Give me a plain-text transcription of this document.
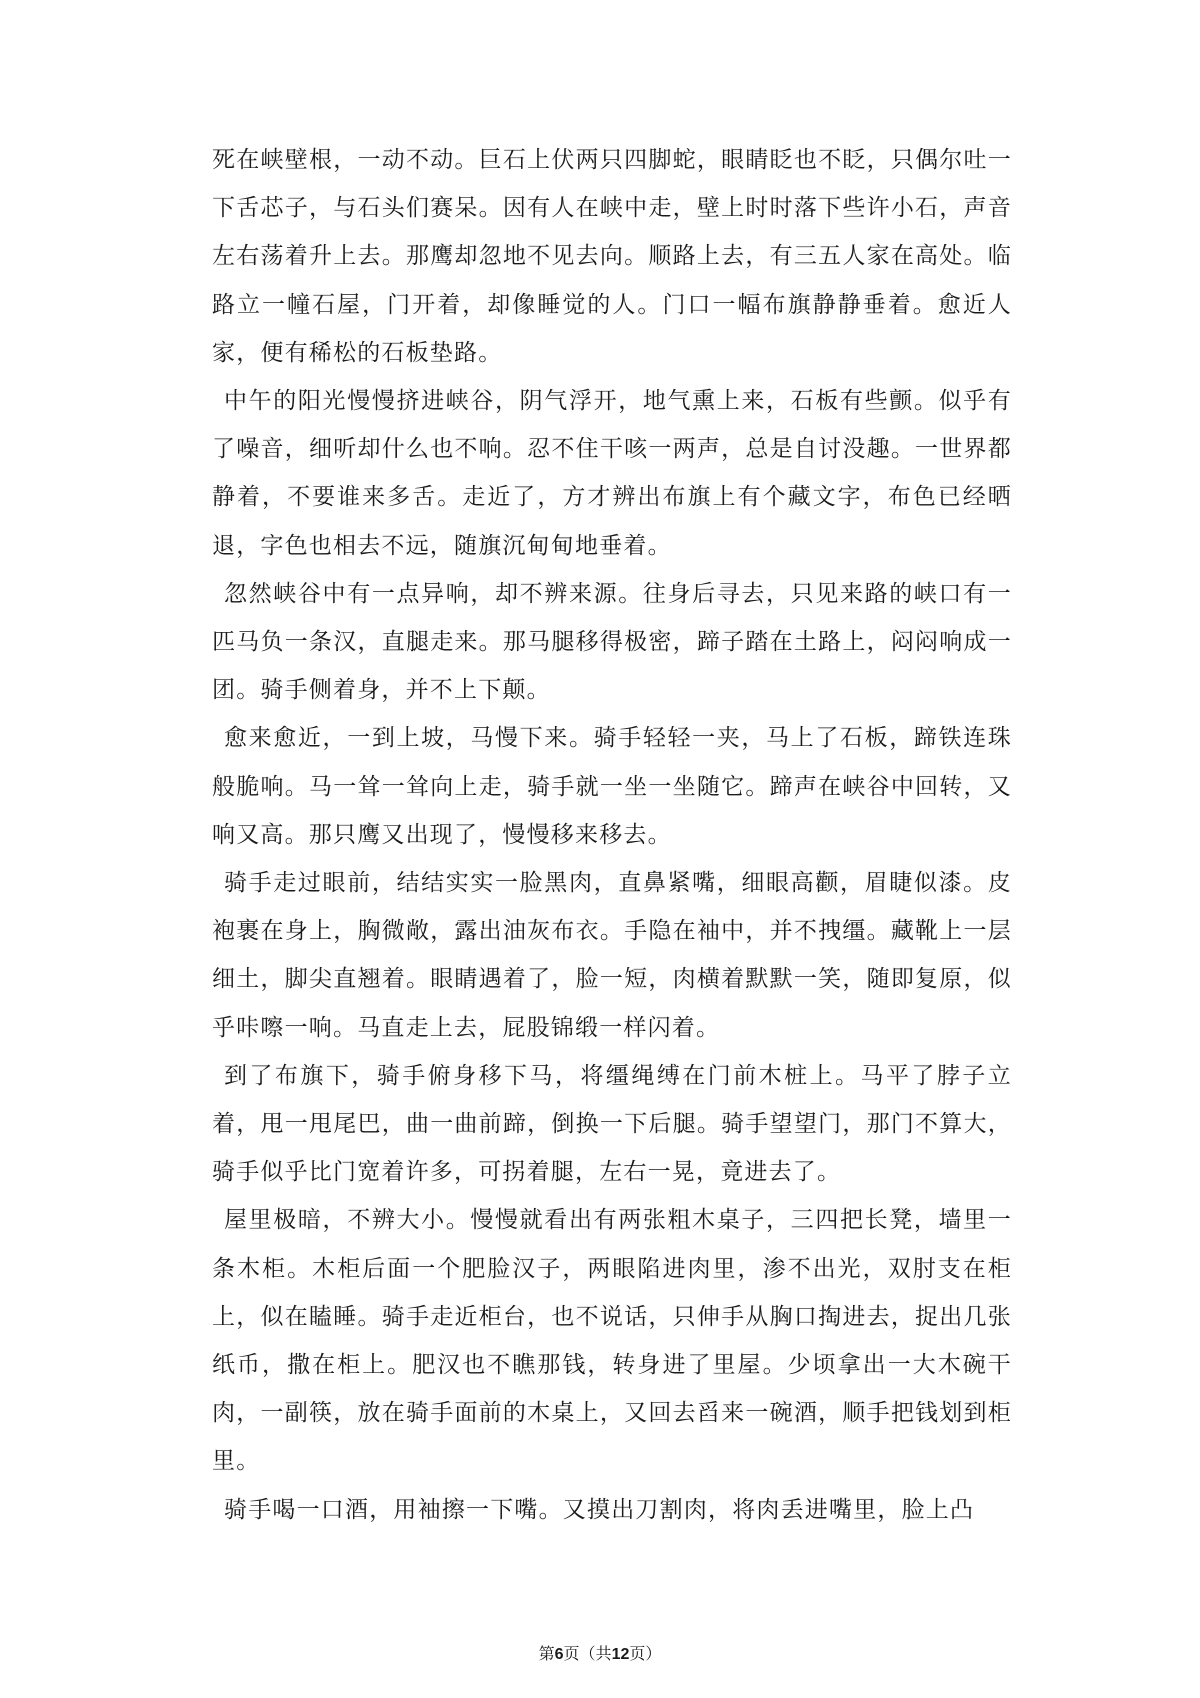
死在峡壁根，一动不动。巨石上伏两只四脚蛇，眼睛眨也不眨，只偶尔吐一下舌芯子，与石头们赛呆。因有人在峡中走，壁上时时落下些许小石，声音左右荡着升上去。那鹰却忽地不见去向。顺路上去，有三五人家在高处。临路立一幢石屋，门开着，却像睡觉的人。门口一幅布旗静静垂着。愈近人家，便有稀松的石板垫路。

中午的阳光慢慢挤进峡谷，阴气浮开，地气熏上来，石板有些颤。似乎有了噪音，细听却什么也不响。忍不住干咳一两声，总是自讨没趣。一世界都静着，不要谁来多舌。走近了，方才辨出布旗上有个藏文字，布色已经晒退，字色也相去不远，随旗沉甸甸地垂着。

忽然峡谷中有一点异响，却不辨来源。往身后寻去，只见来路的峡口有一匹马负一条汉，直腿走来。那马腿移得极密，蹄子踏在土路上，闷闷响成一团。骑手侧着身，并不上下颠。

愈来愈近，一到上坡，马慢下来。骑手轻轻一夹，马上了石板，蹄铁连珠般脆响。马一耸一耸向上走，骑手就一坐一坐随它。蹄声在峡谷中回转，又响又高。那只鹰又出现了，慢慢移来移去。

骑手走过眼前，结结实实一脸黑肉，直鼻紧嘴，细眼高颧，眉睫似漆。皮袍裹在身上，胸微敞，露出油灰布衣。手隐在袖中，并不拽缰。藏靴上一层细土，脚尖直翘着。眼睛遇着了，脸一短，肉横着默默一笑，随即复原，似乎咔嚓一响。马直走上去，屁股锦缎一样闪着。

到了布旗下，骑手俯身移下马，将缰绳缚在门前木桩上。马平了脖子立着，甩一甩尾巴，曲一曲前蹄，倒换一下后腿。骑手望望门，那门不算大，骑手似乎比门宽着许多，可拐着腿，左右一晃，竟进去了。

屋里极暗，不辨大小。慢慢就看出有两张粗木桌子，三四把长凳，墙里一条木柜。木柜后面一个肥脸汉子，两眼陷进肉里，渗不出光，双肘支在柜上，似在瞌睡。骑手走近柜台，也不说话，只伸手从胸口掏进去，捉出几张纸币，撒在柜上。肥汉也不瞧那钱，转身进了里屋。少顷拿出一大木碗干肉，一副筷，放在骑手面前的木桌上，又回去舀来一碗酒，顺手把钱划到柜里。

骑手喝一口酒，用袖擦一下嘴。又摸出刀割肉，将肉丢进嘴里，脸上凸

第6页（共12页）
